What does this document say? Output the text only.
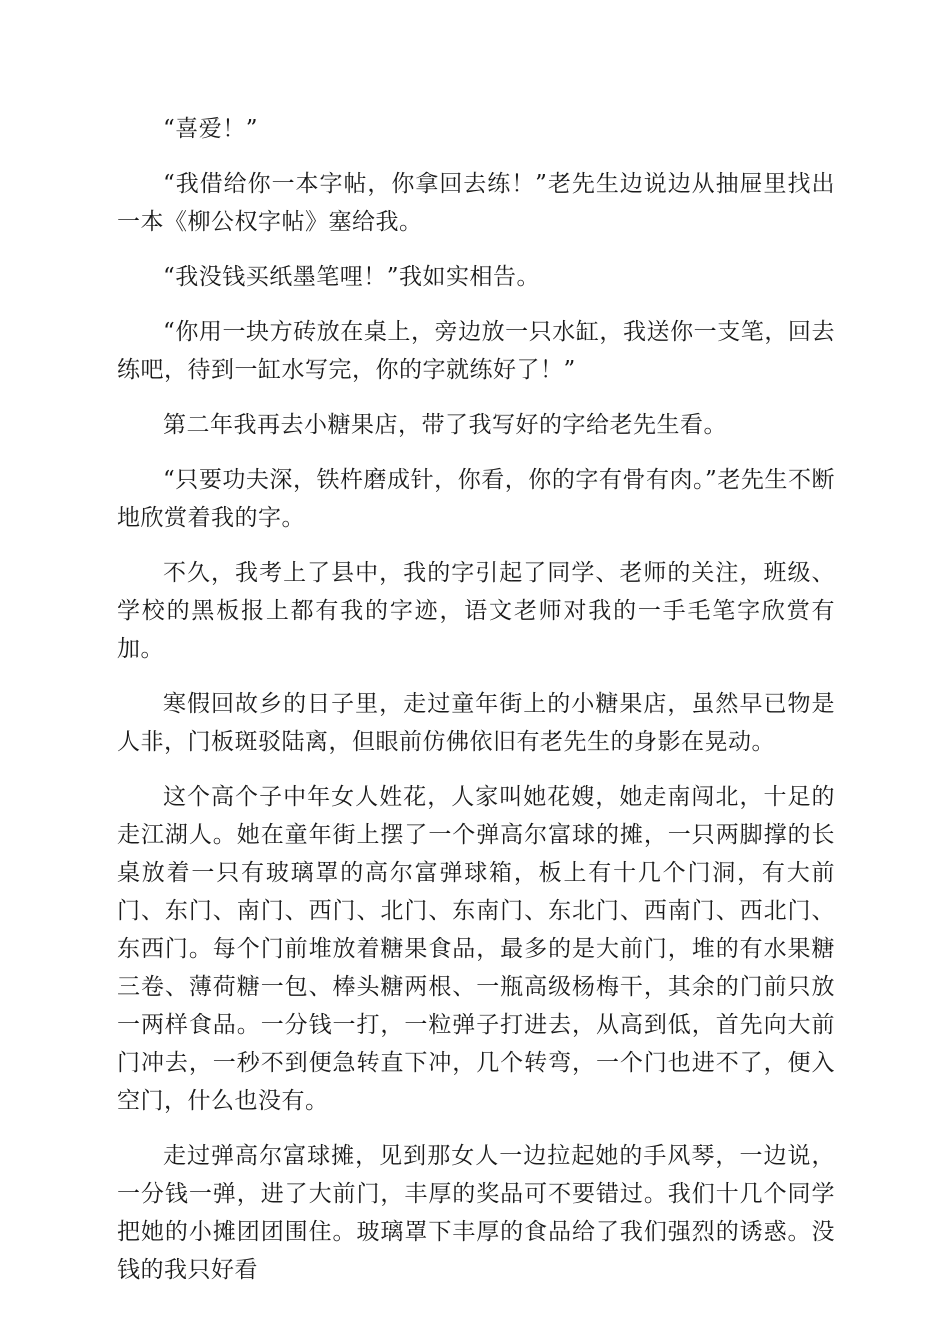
“喜爱！”

“我借给你一本字帖，你拿回去练！”老先生边说边从抽屉里找出一本《柳公权字帖》塞给我。

“我没钱买纸墨笔哩！”我如实相告。

“你用一块方砖放在桌上，旁边放一只水缸，我送你一支笔，回去练吧，待到一缸水写完，你的字就练好了！”

第二年我再去小糖果店，带了我写好的字给老先生看。

“只要功夫深，铁杵磨成针，你看，你的字有骨有肉。”老先生不断地欣赏着我的字。

不久，我考上了县中，我的字引起了同学、老师的关注，班级、学校的黑板报上都有我的字迹，语文老师对我的一手毛笔字欣赏有加。

寒假回故乡的日子里，走过童年街上的小糖果店，虽然早已物是人非，门板斑驳陆离，但眼前仿佛依旧有老先生的身影在晃动。

这个高个子中年女人姓花，人家叫她花嫂，她走南闯北，十足的走江湖人。她在童年街上摆了一个弹高尔富球的摊，一只两脚撑的长桌放着一只有玻璃罩的高尔富弹球箱，板上有十几个门洞，有大前门、东门、南门、西门、北门、东南门、东北门、西南门、西北门、东西门。每个门前堆放着糖果食品，最多的是大前门，堆的有水果糖三卷、薄荷糖一包、棒头糖两根、一瓶高级杨梅干，其余的门前只放一两样食品。一分钱一打，一粒弹子打进去，从高到低，首先向大前门冲去，一秒不到便急转直下冲，几个转弯，一个门也进不了，便入空门，什么也没有。

走过弹高尔富球摊，见到那女人一边拉起她的手风琴，一边说，一分钱一弹，进了大前门，丰厚的奖品可不要错过。我们十几个同学把她的小摊团团围住。玻璃罩下丰厚的食品给了我们强烈的诱惑。没钱的我只好看
